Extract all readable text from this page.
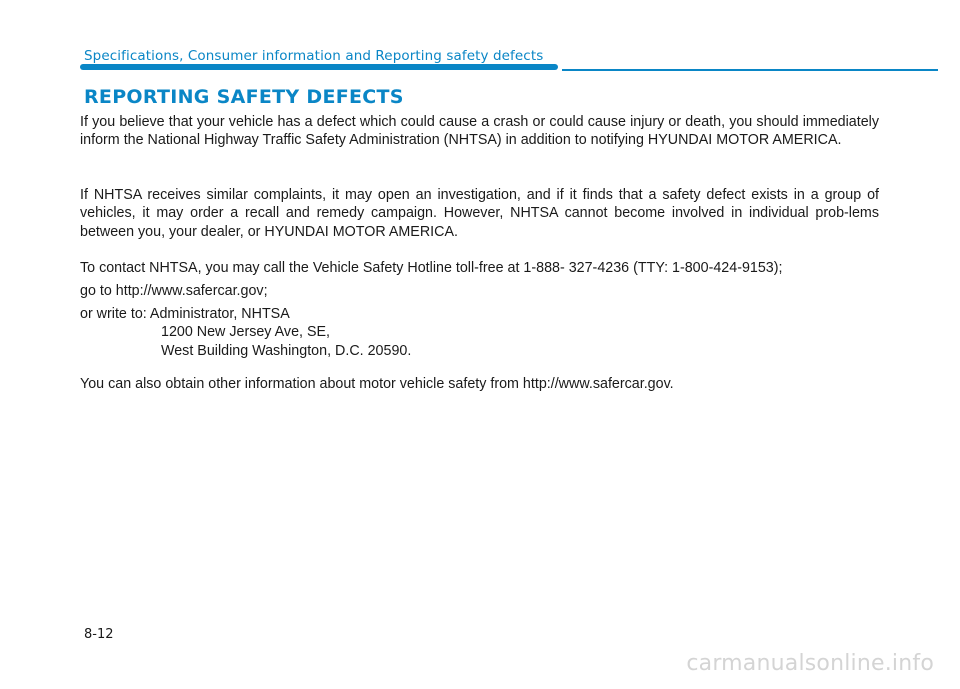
Specifications, Consumer information and Reporting safety defects
REPORTING SAFETY DEFECTS

If you believe that your vehicle has a defect which could cause a crash or could cause injury or death, you should immediately inform the National Highway Traffic Safety Administration (NHTSA) in addition to notifying HYUNDAI MOTOR AMERICA.

If NHTSA receives similar complaints, it may open an investigation, and if it finds that a safety defect exists in a group of vehicles, it may order a recall and remedy campaign. However, NHTSA cannot become involved in individual prob-lems between you, your dealer, or HYUNDAI MOTOR AMERICA.

To contact NHTSA, you may call the Vehicle Safety Hotline toll-free at 1-888- 327-4236 (TTY: 1-800-424-9153);

go to http://www.safercar.gov;

or write to: Administrator, NHTSA
1200 New Jersey Ave, SE,
West Building Washington, D.C. 20590.

You can also obtain other information about motor vehicle safety from http://www.safercar.gov.

8-12
carmanualsonline.info
